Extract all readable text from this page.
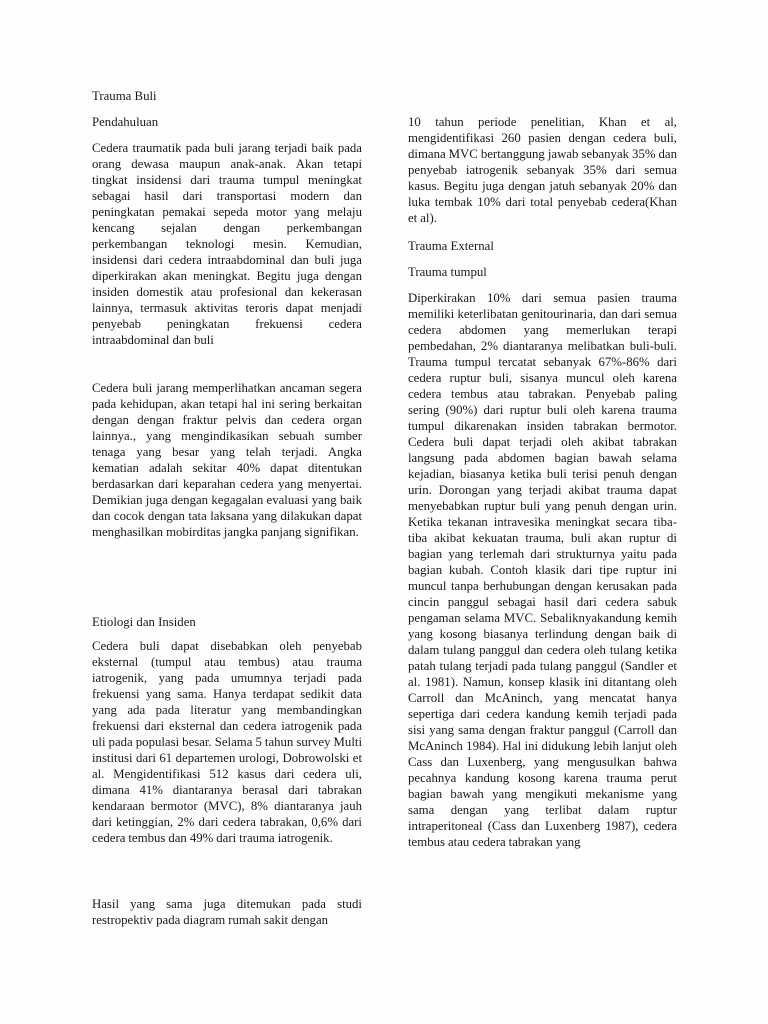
Trauma Buli
Pendahuluan

Cedera traumatik pada buli jarang terjadi baik pada orang dewasa maupun anak-anak. Akan tetapi tingkat insidensi dari trauma tumpul meningkat sebagai hasil dari transportasi modern dan peningkatan pemakai sepeda motor yang melaju kencang sejalan dengan perkembangan perkembangan teknologi mesin. Kemudian, insidensi dari cedera intraabdominal dan buli juga diperkirakan akan meningkat. Begitu juga dengan insiden domestik atau profesional dan kekerasan lainnya, termasuk aktivitas teroris dapat menjadi penyebab peningkatan frekuensi cedera intraabdominal dan buli

Cedera buli jarang memperlihatkan ancaman segera pada kehidupan, akan tetapi hal ini sering berkaitan dengan dengan fraktur pelvis dan cedera organ lainnya., yang mengindikasikan sebuah sumber tenaga yang besar yang telah terjadi. Angka kematian adalah sekitar 40% dapat ditentukan berdasarkan dari keparahan cedera yang menyertai. Demikian juga dengan kegagalan evaluasi yang baik dan cocok dengan tata laksana yang dilakukan dapat menghasilkan mobirditas jangka panjang signifikan.

Etiologi dan Insiden

Cedera buli dapat disebabkan oleh penyebab eksternal (tumpul atau tembus) atau trauma iatrogenik, yang pada umumnya terjadi pada frekuensi yang sama. Hanya terdapat sedikit data yang ada pada literatur yang membandingkan frekuensi dari eksternal dan cedera iatrogenik pada uli pada populasi besar. Selama 5 tahun survey Multi institusi dari 61 departemen urologi, Dobrowolski et al. Mengidentifikasi 512 kasus dari cedera uli, dimana 41% diantaranya berasal dari tabrakan kendaraan bermotor (MVC), 8% diantaranya jauh dari ketinggian, 2% dari cedera tabrakan, 0,6% dari cedera tembus dan 49% dari trauma iatrogenik.

Hasil yang sama juga ditemukan pada studi restropektiv pada diagram rumah sakit dengan

10 tahun periode penelitian, Khan et al, mengidentifikasi 260 pasien dengan cedera buli, dimana MVC bertanggung jawab sebanyak 35% dan penyebab iatrogenik sebanyak 35% dari semua kasus. Begitu juga dengan jatuh sebanyak 20% dan luka tembak 10% dari total penyebab cedera(Khan et al).

Trauma External
Trauma tumpul

Diperkirakan 10% dari semua pasien trauma memiliki keterlibatan genitourinaria, dan dari semua cedera abdomen yang memerlukan terapi pembedahan, 2% diantaranya melibatkan buli-buli. Trauma tumpul tercatat sebanyak 67%-86% dari cedera ruptur buli, sisanya muncul oleh karena cedera tembus atau tabrakan. Penyebab paling sering (90%) dari ruptur buli oleh karena trauma tumpul dikarenakan insiden tabrakan bermotor. Cedera buli dapat terjadi oleh akibat tabrakan langsung pada abdomen bagian bawah selama kejadian, biasanya ketika buli terisi penuh dengan urin. Dorongan yang terjadi akibat trauma dapat menyebabkan ruptur buli yang penuh dengan urin. Ketika tekanan intravesika meningkat secara tiba-tiba akibat kekuatan trauma, buli akan ruptur di bagian yang terlemah dari strukturnya yaitu pada bagian kubah. Contoh klasik dari tipe ruptur ini muncul tanpa berhubungan dengan kerusakan pada cincin panggul sebagai hasil dari cedera sabuk pengaman selama MVC. Sebaliknyakandung kemih yang kosong biasanya terlindung dengan baik di dalam tulang panggul dan cedera oleh tulang ketika patah tulang terjadi pada tulang panggul (Sandler et al. 1981). Namun, konsep klasik ini ditantang oleh Carroll dan McAninch, yang mencatat hanya sepertiga dari cedera kandung kemih terjadi pada sisi yang sama dengan fraktur panggul (Carroll dan McAninch 1984). Hal ini didukung lebih lanjut oleh Cass dan Luxenberg, yang mengusulkan bahwa pecahnya kandung kosong karena trauma perut bagian bawah yang mengikuti mekanisme yang sama dengan yang terlibat dalam ruptur intraperitoneal (Cass dan Luxenberg 1987), cedera tembus atau cedera tabrakan yang
